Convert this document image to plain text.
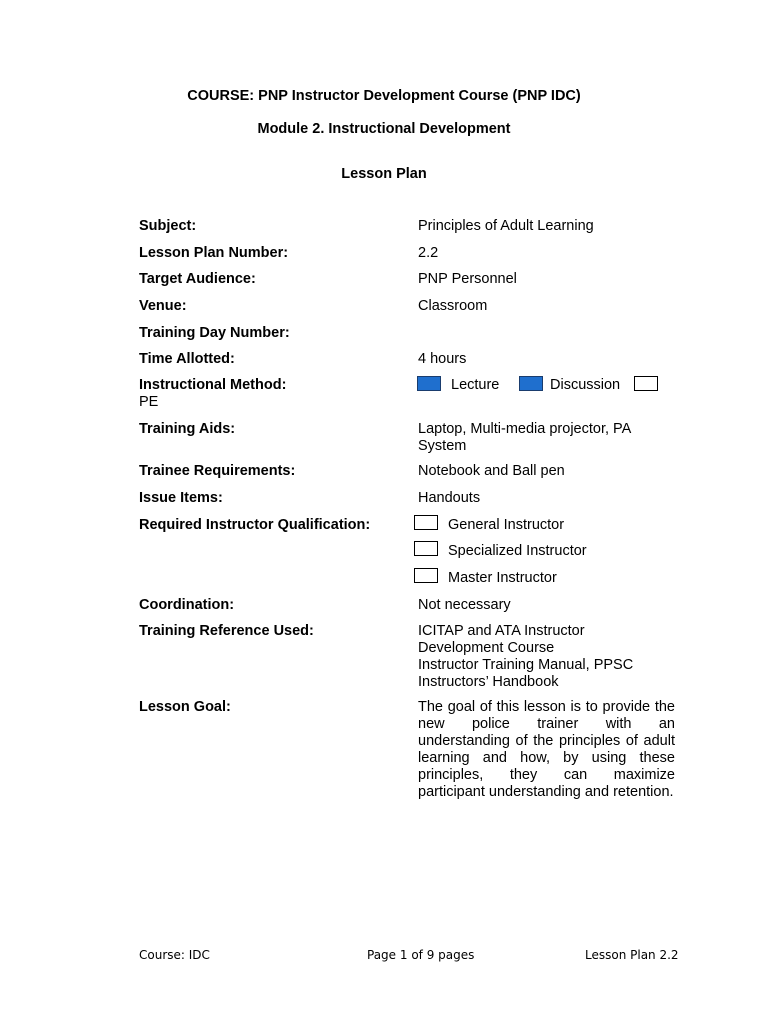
COURSE: PNP Instructor Development Course (PNP IDC)
Module 2. Instructional Development
Lesson Plan
Subject:	Principles of Adult Learning
Lesson Plan Number:	2.2
Target Audience:	PNP Personnel
Venue:	Classroom
Training Day Number:
Time Allotted:	4 hours
Instructional Method:	Lecture	Discussion
PE
Training Aids:	Laptop, Multi-media projector, PA
System
Trainee Requirements:	Notebook and Ball pen
Issue Items:	Handouts
Required Instructor Qualification:	General Instructor
Specialized Instructor
Master Instructor
Coordination:	Not necessary
Training Reference Used:	ICITAP and ATA Instructor
Development Course
Instructor Training Manual, PPSC
Instructors’ Handbook
Lesson Goal:	The goal of this lesson is to provide the new police trainer with an understanding of the principles of adult learning and how, by using these principles, they can maximize participant understanding and retention.
Course: IDC	Page 1 of 9 pages	Lesson Plan 2.2
